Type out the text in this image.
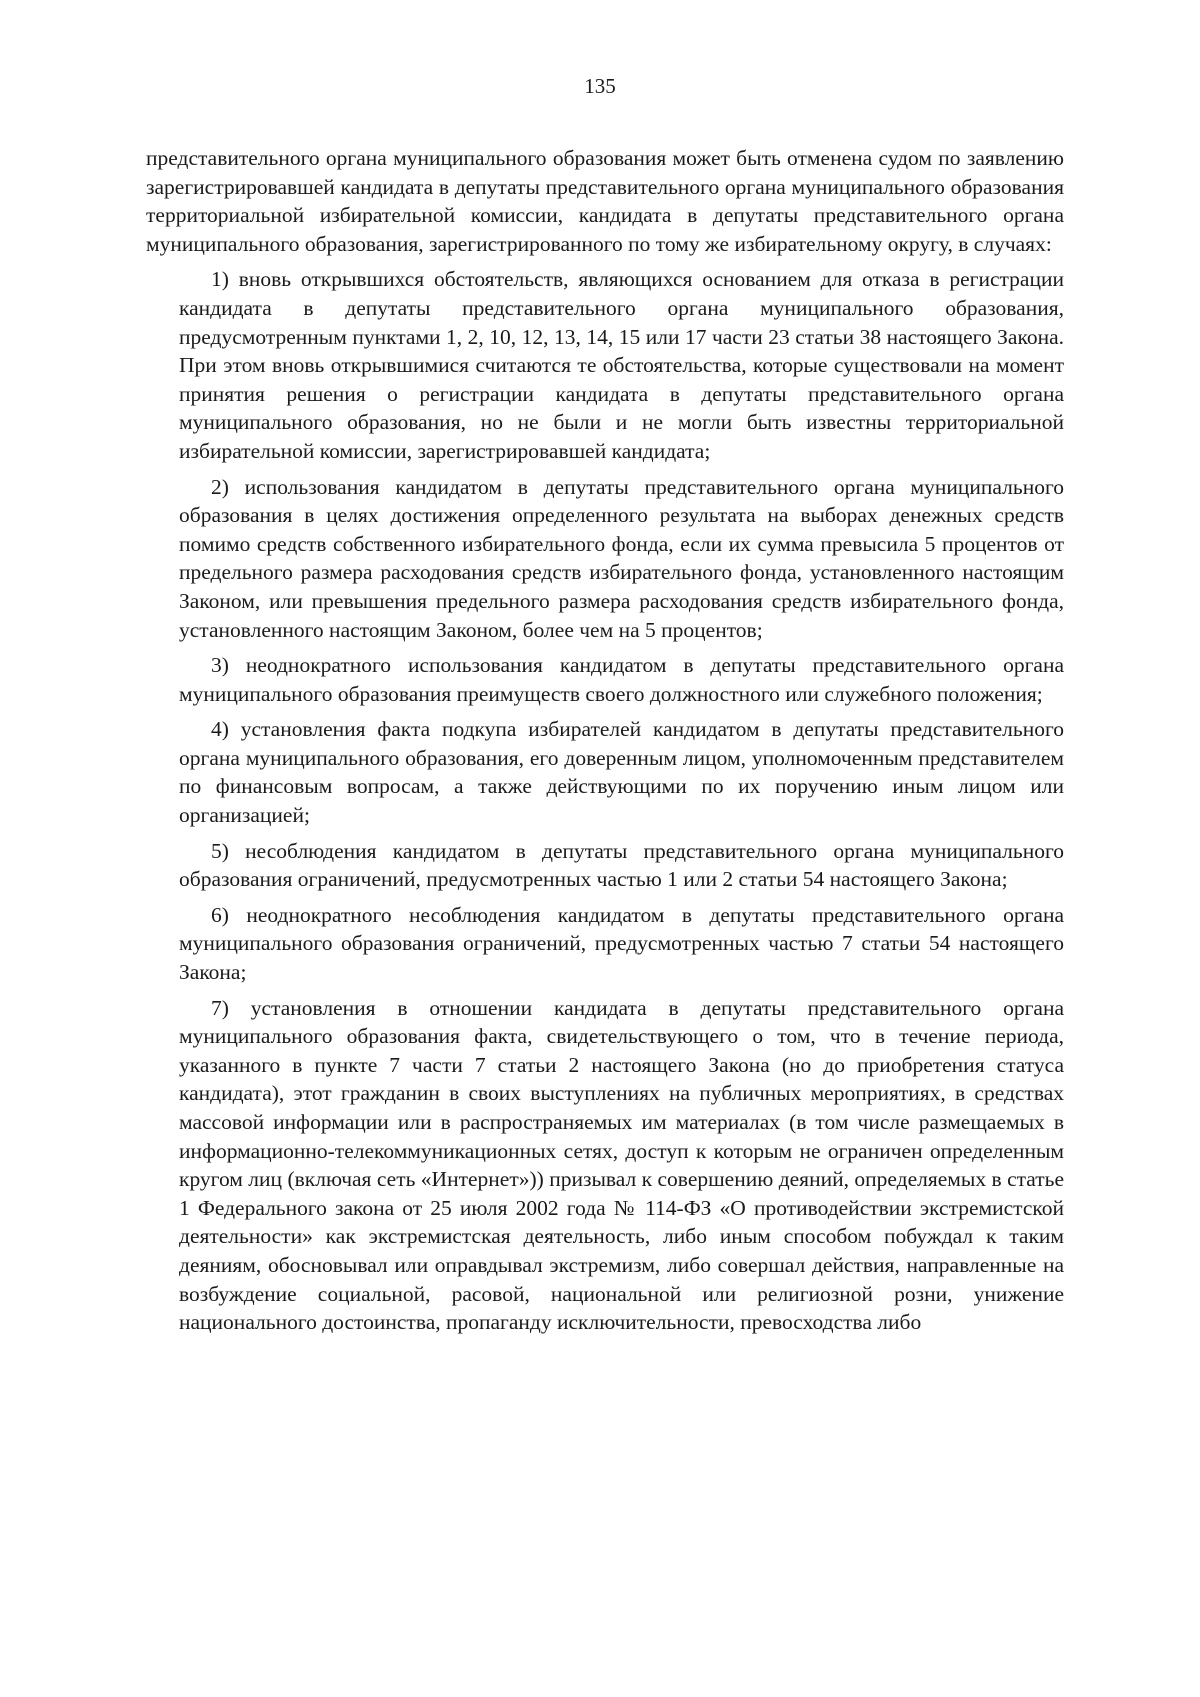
135

представительного органа муниципального образования может быть отменена судом по заявлению зарегистрировавшей кандидата в депутаты представительного органа муниципального образования территориальной избирательной комиссии, кандидата в депутаты представительного органа муниципального образования, зарегистрированного по тому же избирательному округу, в случаях:

1) вновь открывшихся обстоятельств, являющихся основанием для отказа в регистрации кандидата в депутаты представительного органа муниципального образования, предусмотренным пунктами 1, 2, 10, 12, 13, 14, 15 или 17 части 23 статьи 38 настоящего Закона. При этом вновь открывшимися считаются те обстоятельства, которые существовали на момент принятия решения о регистрации кандидата в депутаты представительного органа муниципального образования, но не были и не могли быть известны территориальной избирательной комиссии, зарегистрировавшей кандидата;

2) использования кандидатом в депутаты представительного органа муниципального образования в целях достижения определенного результата на выборах денежных средств помимо средств собственного избирательного фонда, если их сумма превысила 5 процентов от предельного размера расходования средств избирательного фонда, установленного настоящим Законом, или превышения предельного размера расходования средств избирательного фонда, установленного настоящим Законом, более чем на 5 процентов;

3) неоднократного использования кандидатом в депутаты представительного органа муниципального образования преимуществ своего должностного или служебного положения;

4) установления факта подкупа избирателей кандидатом в депутаты представительного органа муниципального образования, его доверенным лицом, уполномоченным представителем по финансовым вопросам, а также действующими по их поручению иным лицом или организацией;

5) несоблюдения кандидатом в депутаты представительного органа муниципального образования ограничений, предусмотренных частью 1 или 2 статьи 54 настоящего Закона;

6) неоднократного несоблюдения кандидатом в депутаты представительного органа муниципального образования ограничений, предусмотренных частью 7 статьи 54 настоящего Закона;

7) установления в отношении кандидата в депутаты представительного органа муниципального образования факта, свидетельствующего о том, что в течение периода, указанного в пункте 7 части 7 статьи 2 настоящего Закона (но до приобретения статуса кандидата), этот гражданин в своих выступлениях на публичных мероприятиях, в средствах массовой информации или в распространяемых им материалах (в том числе размещаемых в информационно-телекоммуникационных сетях, доступ к которым не ограничен определенным кругом лиц (включая сеть «Интернет»)) призывал к совершению деяний, определяемых в статье 1 Федерального закона от 25 июля 2002 года № 114-ФЗ «О противодействии экстремистской деятельности» как экстремистская деятельность, либо иным способом побуждал к таким деяниям, обосновывал или оправдывал экстремизм, либо совершал действия, направленные на возбуждение социальной, расовой, национальной или религиозной розни, унижение национального достоинства, пропаганду исключительности, превосходства либо
